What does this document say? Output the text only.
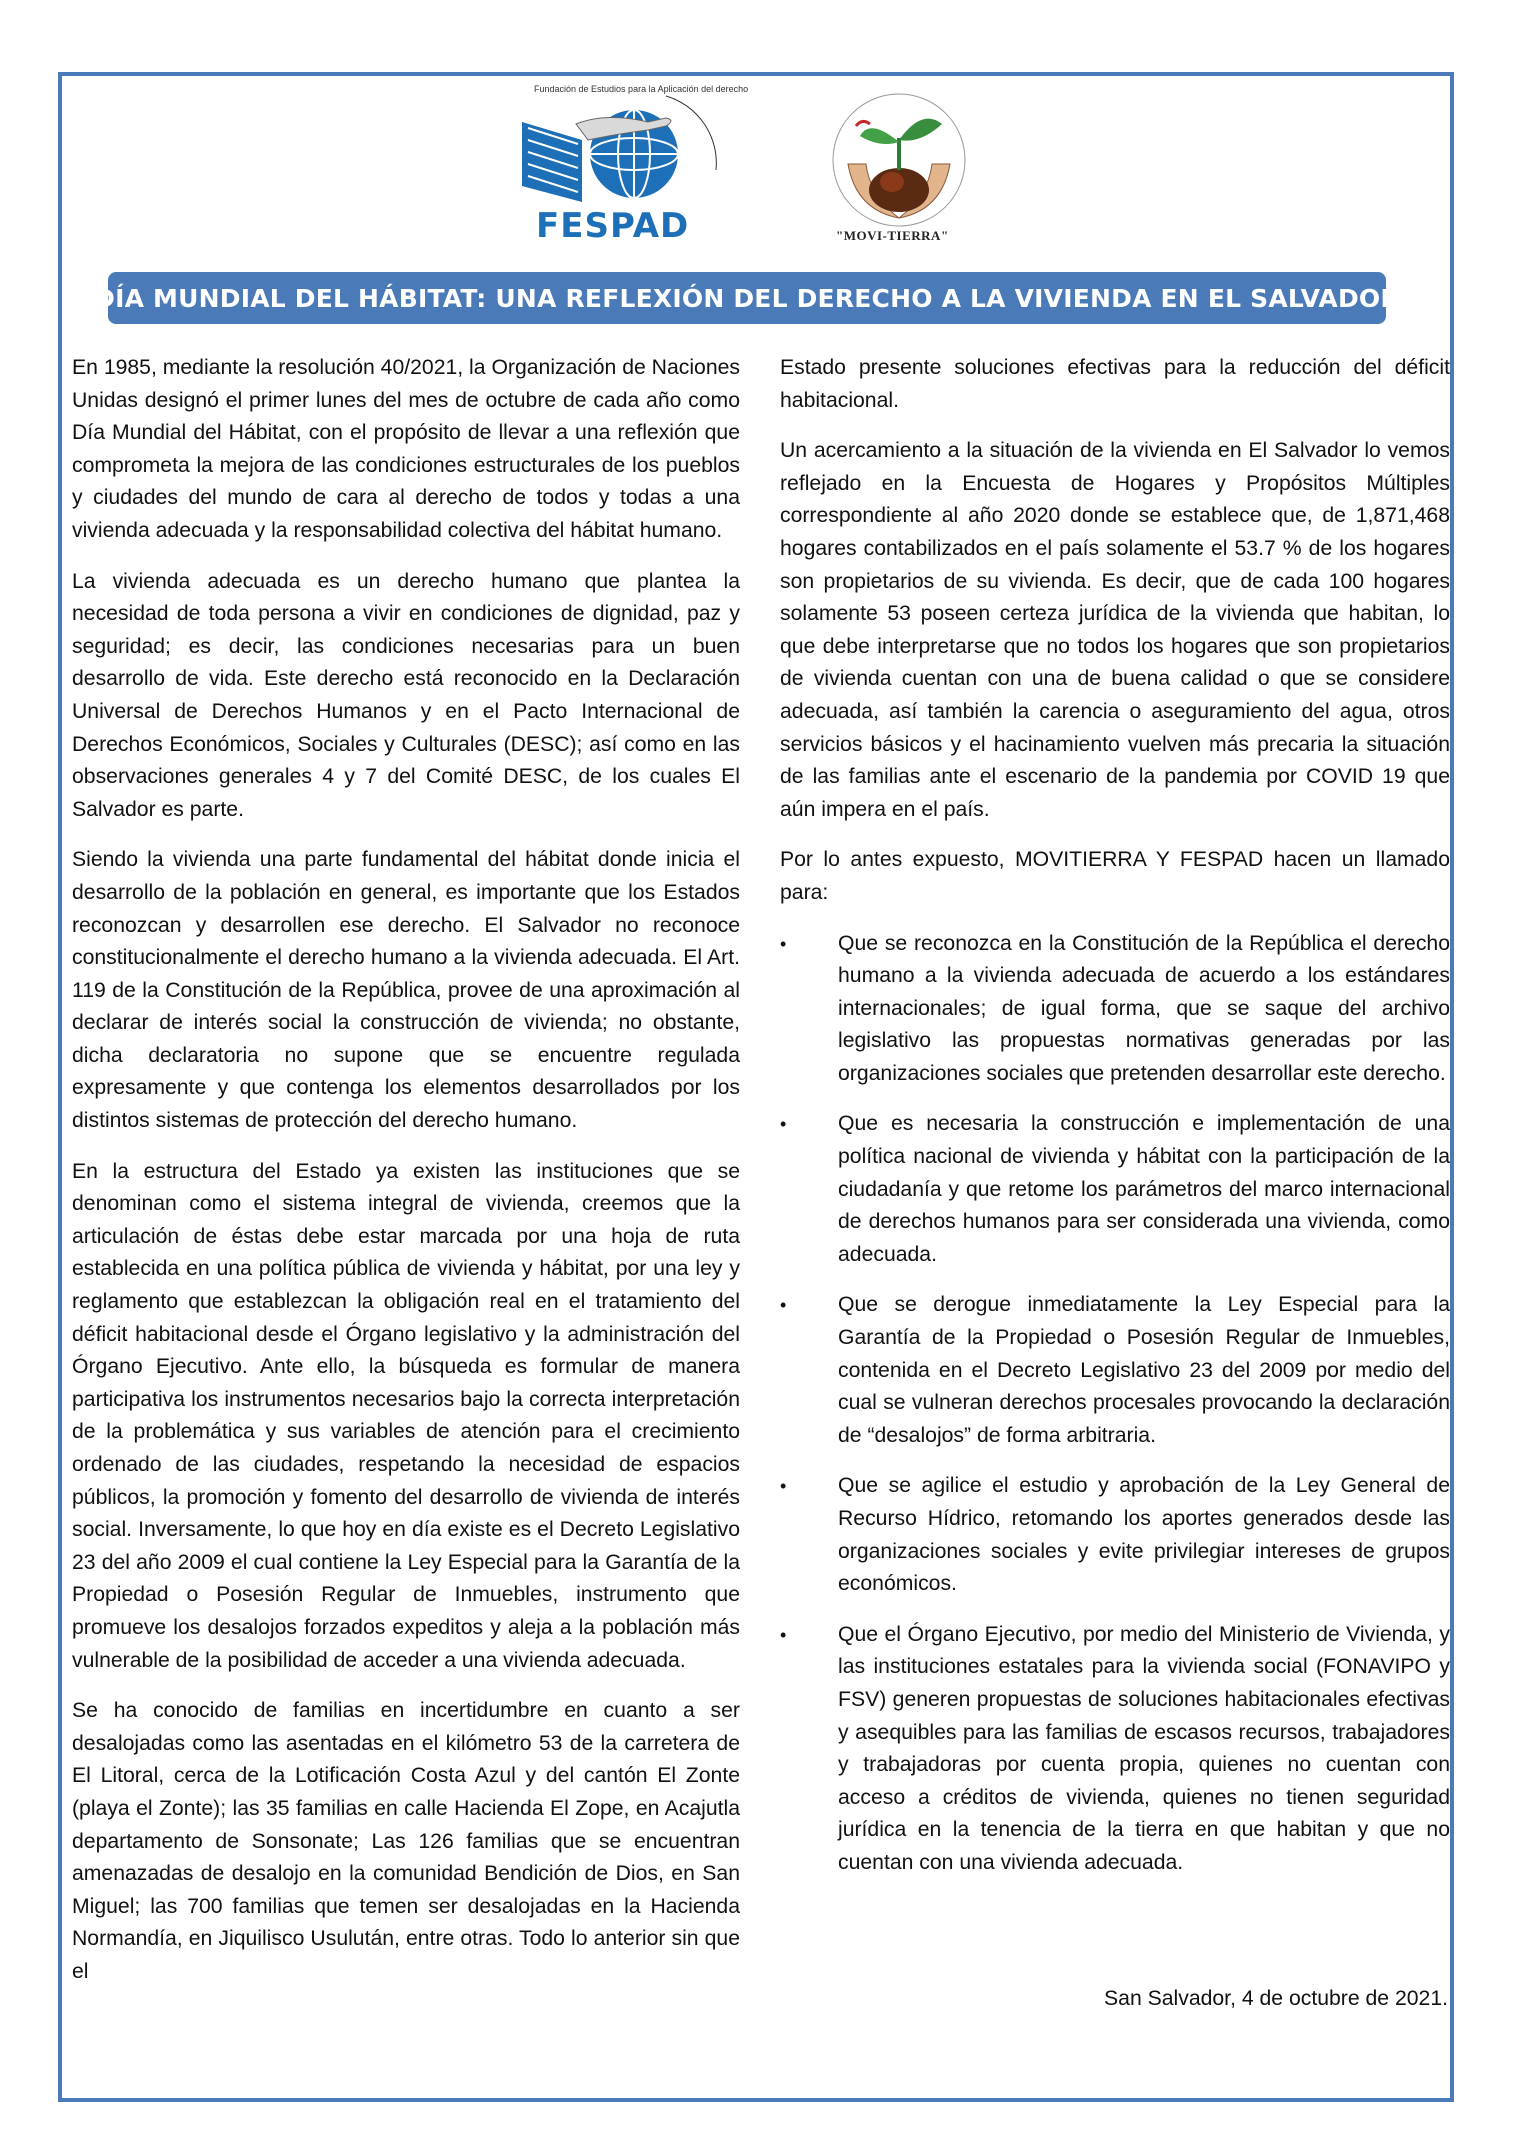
Fundación de Estudios para la Aplicación del derecho
FESPAD	"MOVI-TIERRA"
DÍA MUNDIAL DEL HÁBITAT: UNA REFLEXIÓN DEL DERECHO A LA VIVIENDA EN EL SALVADOR

En 1985, mediante la resolución 40/2021, la Organización de Naciones Unidas designó el primer lunes del mes de octubre de cada año como Día Mundial del Hábitat, con el propósito de llevar a una reflexión que comprometa la mejora de las condiciones estructurales de los pueblos y ciudades del mundo de cara al derecho de todos y todas a una vivienda adecuada y la responsabilidad colectiva del hábitat humano.

La vivienda adecuada es un derecho humano que plantea la necesidad de toda persona a vivir en condiciones de dignidad, paz y seguridad; es decir, las condiciones necesarias para un buen desarrollo de vida. Este derecho está reconocido en la Declaración Universal de Derechos Humanos y en el Pacto Internacional de Derechos Económicos, Sociales y Culturales (DESC); así como en las observaciones generales 4 y 7 del Comité DESC, de los cuales El Salvador es parte.

Siendo la vivienda una parte fundamental del hábitat donde inicia el desarrollo de la población en general, es importante que los Estados reconozcan y desarrollen ese derecho. El Salvador no reconoce constitucionalmente el derecho humano a la vivienda adecuada. El Art. 119 de la Constitución de la República, provee de una aproximación al declarar de interés social la construcción de vivienda; no obstante, dicha declaratoria no supone que se encuentre regulada expresamente y que contenga los elementos desarrollados por los distintos sistemas de protección del derecho humano.

En la estructura del Estado ya existen las instituciones que se denominan como el sistema integral de vivienda, creemos que la articulación de éstas debe estar marcada por una hoja de ruta establecida en una política pública de vivienda y hábitat, por una ley y reglamento que establezcan la obligación real en el tratamiento del déficit habitacional desde el Órgano legislativo y la administración del Órgano Ejecutivo. Ante ello, la búsqueda es formular de manera participativa los instrumentos necesarios bajo la correcta interpretación de la problemática y sus variables de atención para el crecimiento ordenado de las ciudades, respetando la necesidad de espacios públicos, la promoción y fomento del desarrollo de vivienda de interés social. Inversamente, lo que hoy en día existe es el Decreto Legislativo 23 del año 2009 el cual contiene la Ley Especial para la Garantía de la Propiedad o Posesión Regular de Inmuebles, instrumento que promueve los desalojos forzados expeditos y aleja a la población más vulnerable de la posibilidad de acceder a una vivienda adecuada.

Se ha conocido de familias en incertidumbre en cuanto a ser desalojadas como las asentadas en el kilómetro 53 de la carretera de El Litoral, cerca de la Lotificación Costa Azul y del cantón El Zonte (playa el Zonte); las 35 familias en calle Hacienda El Zope, en Acajutla departamento de Sonsonate; Las 126 familias que se encuentran amenazadas de desalojo en la comunidad Bendición de Dios, en San Miguel; las 700 familias que temen ser desalojadas en la Hacienda Normandía, en Jiquilisco Usulután, entre otras. Todo lo anterior sin que el

Estado presente soluciones efectivas para la reducción del déficit habitacional.

Un acercamiento a la situación de la vivienda en El Salvador lo vemos reflejado en la Encuesta de Hogares y Propósitos Múltiples correspondiente al año 2020 donde se establece que, de 1,871,468 hogares contabilizados en el país solamente el 53.7 % de los hogares son propietarios de su vivienda. Es decir, que de cada 100 hogares solamente 53 poseen certeza jurídica de la vivienda que habitan, lo que debe interpretarse que no todos los hogares que son propietarios de vivienda cuentan con una de buena calidad o que se considere adecuada, así también la carencia o aseguramiento del agua, otros servicios básicos y el hacinamiento vuelven más precaria la situación de las familias ante el escenario de la pandemia por COVID 19 que aún impera en el país.

Por lo antes expuesto, MOVITIERRA Y FESPAD hacen un llamado para:

• Que se reconozca en la Constitución de la República el derecho humano a la vivienda adecuada de acuerdo a los estándares internacionales; de igual forma, que se saque del archivo legislativo las propuestas normativas generadas por las organizaciones sociales que pretenden desarrollar este derecho.
• Que es necesaria la construcción e implementación de una política nacional de vivienda y hábitat con la participación de la ciudadanía y que retome los parámetros del marco internacional de derechos humanos para ser considerada una vivienda, como adecuada.
• Que se derogue inmediatamente la Ley Especial para la Garantía de la Propiedad o Posesión Regular de Inmuebles, contenida en el Decreto Legislativo 23 del 2009 por medio del cual se vulneran derechos procesales provocando la declaración de “desalojos” de forma arbitraria.
• Que se agilice el estudio y aprobación de la Ley General de Recurso Hídrico, retomando los aportes generados desde las organizaciones sociales y evite privilegiar intereses de grupos económicos.
• Que el Órgano Ejecutivo, por medio del Ministerio de Vivienda, y las instituciones estatales para la vivienda social (FONAVIPO y FSV) generen propuestas de soluciones habitacionales efectivas y asequibles para las familias de escasos recursos, trabajadores y trabajadoras por cuenta propia, quienes no cuentan con acceso a créditos de vivienda, quienes no tienen seguridad jurídica en la tenencia de la tierra en que habitan y que no cuentan con una vivienda adecuada.
San Salvador, 4 de octubre de 2021.
